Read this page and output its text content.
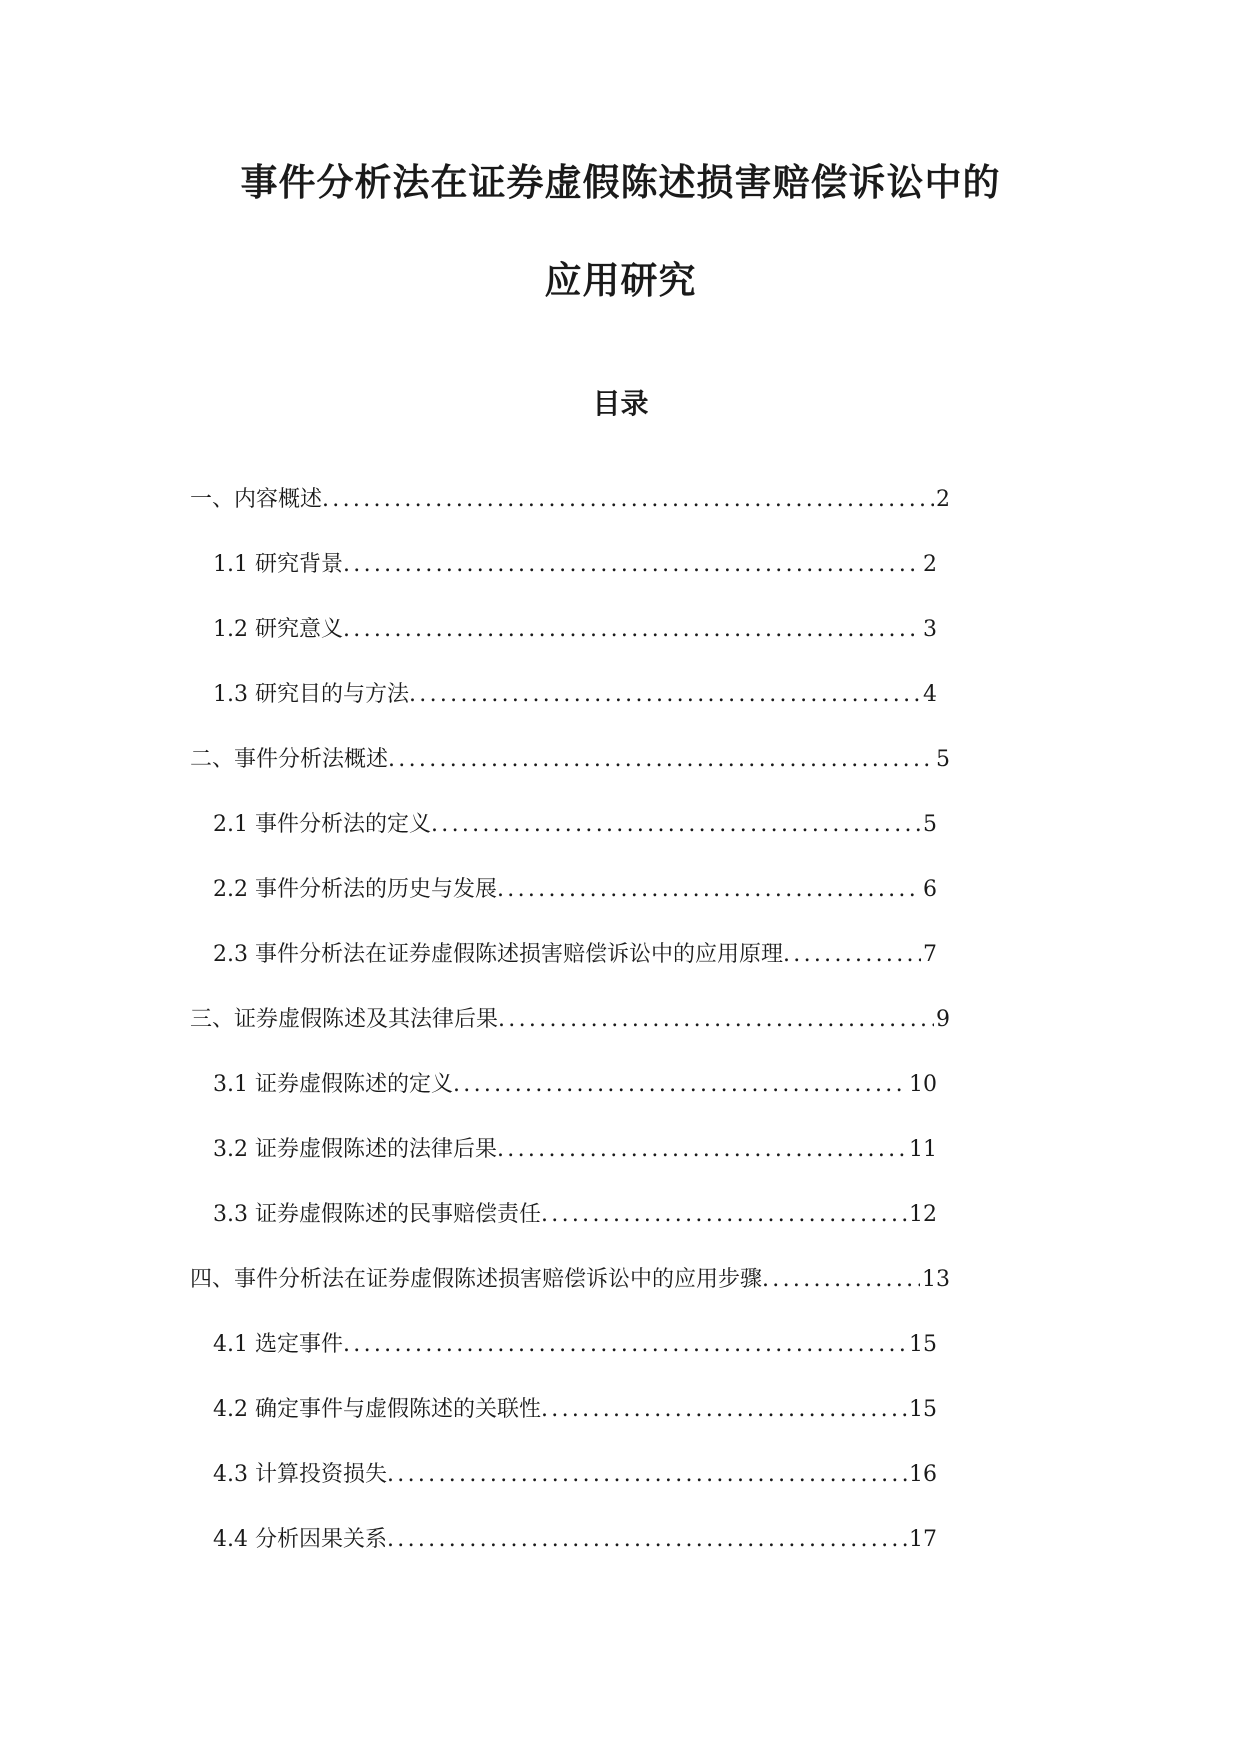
事件分析法在证券虚假陈述损害赔偿诉讼中的
应用研究
目录
一、内容概述 .....	2
1.1 研究背景 .....	2
1.2 研究意义 .....	3
1.3 研究目的与方法 .....	4
二、事件分析法概述 .....	5
2.1 事件分析法的定义 .....	5
2.2 事件分析法的历史与发展 .....	6
2.3 事件分析法在证券虚假陈述损害赔偿诉讼中的应用原理 .....	7
三、证券虚假陈述及其法律后果 .....	9
3.1 证券虚假陈述的定义 .....	10
3.2 证券虚假陈述的法律后果 .....	11
3.3 证券虚假陈述的民事赔偿责任 .....	12
四、事件分析法在证券虚假陈述损害赔偿诉讼中的应用步骤 .....	13
4.1 选定事件 .....	15
4.2 确定事件与虚假陈述的关联性 .....	15
4.3 计算投资损失 .....	16
4.4 分析因果关系 .....	17
